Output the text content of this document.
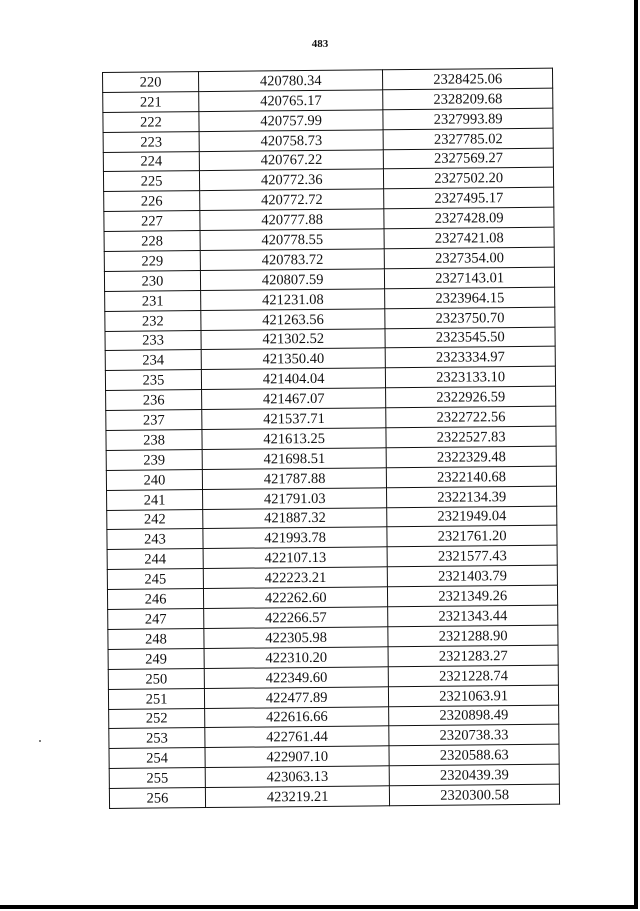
483
220	420780.34	2328425.06
221	420765.17	2328209.68
222	420757.99	2327993.89
223	420758.73	2327785.02
224	420767.22	2327569.27
225	420772.36	2327502.20
226	420772.72	2327495.17
227	420777.88	2327428.09
228	420778.55	2327421.08
229	420783.72	2327354.00
230	420807.59	2327143.01
231	421231.08	2323964.15
232	421263.56	2323750.70
233	421302.52	2323545.50
234	421350.40	2323334.97
235	421404.04	2323133.10
236	421467.07	2322926.59
237	421537.71	2322722.56
238	421613.25	2322527.83
239	421698.51	2322329.48
240	421787.88	2322140.68
241	421791.03	2322134.39
242	421887.32	2321949.04
243	421993.78	2321761.20
244	422107.13	2321577.43
245	422223.21	2321403.79
246	422262.60	2321349.26
247	422266.57	2321343.44
248	422305.98	2321288.90
249	422310.20	2321283.27
250	422349.60	2321228.74
251	422477.89	2321063.91
252	422616.66	2320898.49
253	422761.44	2320738.33
254	422907.10	2320588.63
255	423063.13	2320439.39
256	423219.21	2320300.58
